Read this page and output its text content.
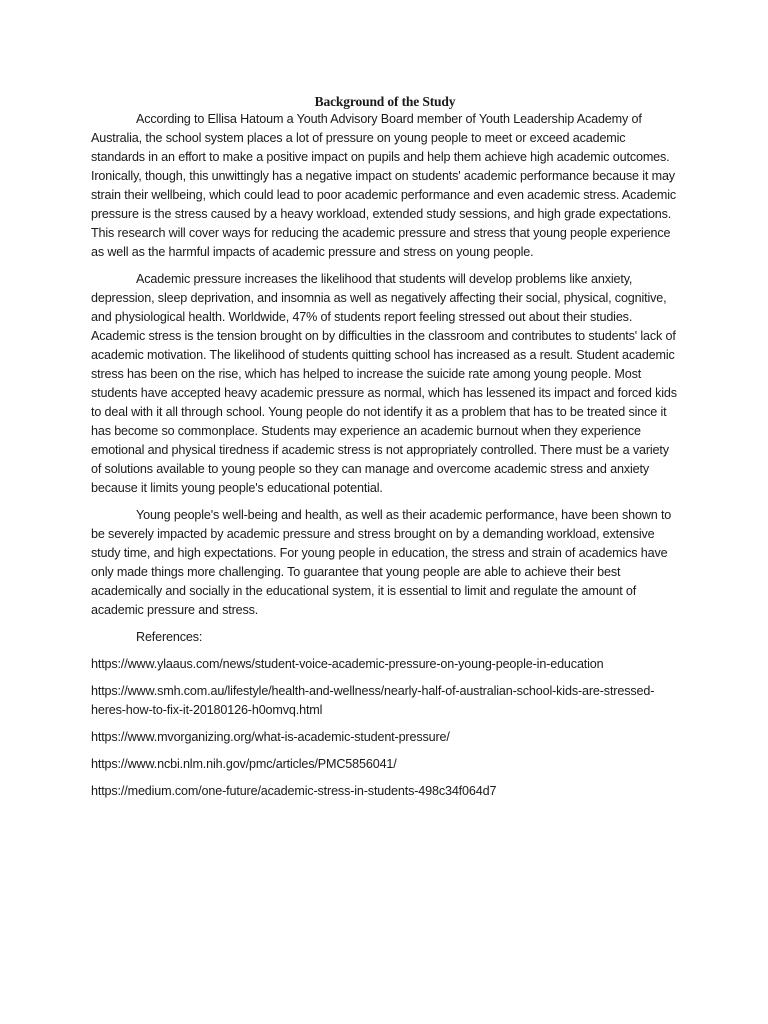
Background of the Study

According to Ellisa Hatoum a Youth Advisory Board member of Youth Leadership Academy of Australia, the school system places a lot of pressure on young people to meet or exceed academic standards in an effort to make a positive impact on pupils and help them achieve high academic outcomes. Ironically, though, this unwittingly has a negative impact on students' academic performance because it may strain their wellbeing, which could lead to poor academic performance and even academic stress. Academic pressure is the stress caused by a heavy workload, extended study sessions, and high grade expectations. This research will cover ways for reducing the academic pressure and stress that young people experience as well as the harmful impacts of academic pressure and stress on young people.

Academic pressure increases the likelihood that students will develop problems like anxiety, depression, sleep deprivation, and insomnia as well as negatively affecting their social, physical, cognitive, and physiological health. Worldwide, 47% of students report feeling stressed out about their studies. Academic stress is the tension brought on by difficulties in the classroom and contributes to students' lack of academic motivation. The likelihood of students quitting school has increased as a result. Student academic stress has been on the rise, which has helped to increase the suicide rate among young people. Most students have accepted heavy academic pressure as normal, which has lessened its impact and forced kids to deal with it all through school. Young people do not identify it as a problem that has to be treated since it has become so commonplace. Students may experience an academic burnout when they experience emotional and physical tiredness if academic stress is not appropriately controlled. There must be a variety of solutions available to young people so they can manage and overcome academic stress and anxiety because it limits young people's educational potential.

Young people's well-being and health, as well as their academic performance, have been shown to be severely impacted by academic pressure and stress brought on by a demanding workload, extensive study time, and high expectations. For young people in education, the stress and strain of academics have only made things more challenging. To guarantee that young people are able to achieve their best academically and socially in the educational system, it is essential to limit and regulate the amount of academic pressure and stress.

References:

https://www.ylaaus.com/news/student-voice-academic-pressure-on-young-people-in-education

https://www.smh.com.au/lifestyle/health-and-wellness/nearly-half-of-australian-school-kids-are-stressed-heres-how-to-fix-it-20180126-h0omvq.html

https://www.mvorganizing.org/what-is-academic-student-pressure/

https://www.ncbi.nlm.nih.gov/pmc/articles/PMC5856041/

https://medium.com/one-future/academic-stress-in-students-498c34f064d7
